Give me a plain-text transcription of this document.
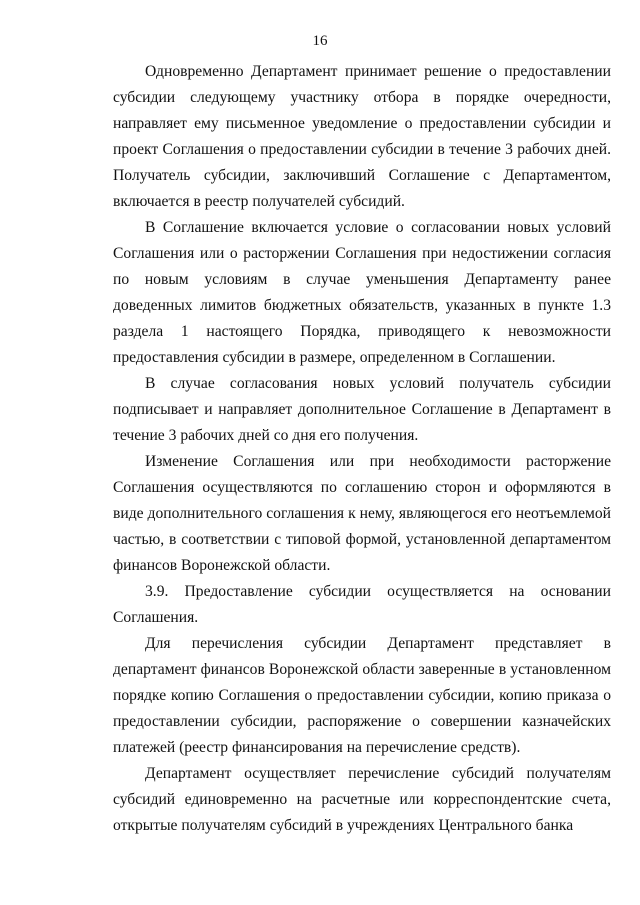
16

Одновременно Департамент принимает решение о предоставлении субсидии следующему участнику отбора в порядке очередности, направляет ему письменное уведомление о предоставлении субсидии и проект Соглашения о предоставлении субсидии в течение 3 рабочих дней. Получатель субсидии, заключивший Соглашение с Департаментом, включается в реестр получателей субсидий.

В Соглашение включается условие о согласовании новых условий Соглашения или о расторжении Соглашения при недостижении согласия по новым условиям в случае уменьшения Департаменту ранее доведенных лимитов бюджетных обязательств, указанных в пункте 1.3 раздела 1 настоящего Порядка, приводящего к невозможности предоставления субсидии в размере, определенном в Соглашении.

В случае согласования новых условий получатель субсидии подписывает и направляет дополнительное Соглашение в Департамент в течение 3 рабочих дней со дня его получения.

Изменение Соглашения или при необходимости расторжение Соглашения осуществляются по соглашению сторон и оформляются в виде дополнительного соглашения к нему, являющегося его неотъемлемой частью, в соответствии с типовой формой, установленной департаментом финансов Воронежской области.

3.9. Предоставление субсидии осуществляется на основании Соглашения.

Для перечисления субсидии Департамент представляет в департамент финансов Воронежской области заверенные в установленном порядке копию Соглашения о предоставлении субсидии, копию приказа о предоставлении субсидии, распоряжение о совершении казначейских платежей (реестр финансирования на перечисление средств).

Департамент осуществляет перечисление субсидий получателям субсидий единовременно на расчетные или корреспондентские счета, открытые получателям субсидий в учреждениях Центрального банка
